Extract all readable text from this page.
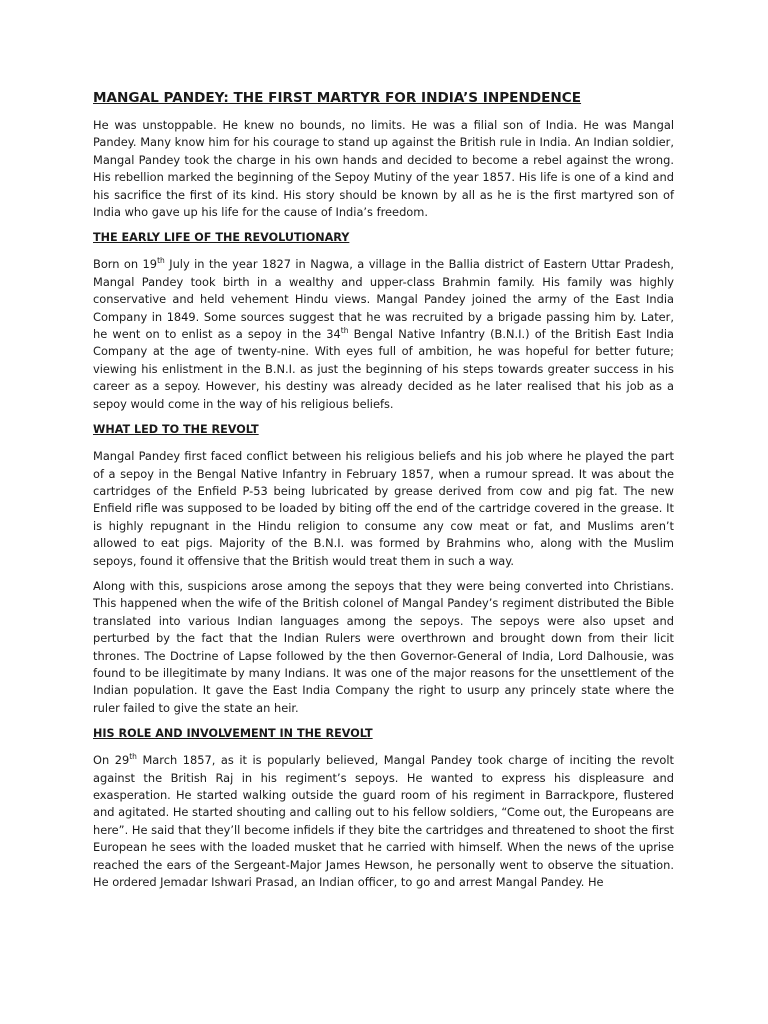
MANGAL PANDEY: THE FIRST MARTYR FOR INDIA’S INPENDENCE

He was unstoppable. He knew no bounds, no limits. He was a filial son of India. He was Mangal Pandey. Many know him for his courage to stand up against the British rule in India. An Indian soldier, Mangal Pandey took the charge in his own hands and decided to become a rebel against the wrong. His rebellion marked the beginning of the Sepoy Mutiny of the year 1857. His life is one of a kind and his sacrifice the first of its kind. His story should be known by all as he is the first martyred son of India who gave up his life for the cause of India’s freedom.

THE EARLY LIFE OF THE REVOLUTIONARY

Born on 19th July in the year 1827 in Nagwa, a village in the Ballia district of Eastern Uttar Pradesh, Mangal Pandey took birth in a wealthy and upper-class Brahmin family. His family was highly conservative and held vehement Hindu views. Mangal Pandey joined the army of the East India Company in 1849. Some sources suggest that he was recruited by a brigade passing him by. Later, he went on to enlist as a sepoy in the 34th Bengal Native Infantry (B.N.I.) of the British East India Company at the age of twenty-nine. With eyes full of ambition, he was hopeful for better future; viewing his enlistment in the B.N.I. as just the beginning of his steps towards greater success in his career as a sepoy. However, his destiny was already decided as he later realised that his job as a sepoy would come in the way of his religious beliefs.

WHAT LED TO THE REVOLT

Mangal Pandey first faced conflict between his religious beliefs and his job where he played the part of a sepoy in the Bengal Native Infantry in February 1857, when a rumour spread. It was about the cartridges of the Enfield P-53 being lubricated by grease derived from cow and pig fat. The new Enfield rifle was supposed to be loaded by biting off the end of the cartridge covered in the grease. It is highly repugnant in the Hindu religion to consume any cow meat or fat, and Muslims aren’t allowed to eat pigs. Majority of the B.N.I. was formed by Brahmins who, along with the Muslim sepoys, found it offensive that the British would treat them in such a way.

Along with this, suspicions arose among the sepoys that they were being converted into Christians. This happened when the wife of the British colonel of Mangal Pandey’s regiment distributed the Bible translated into various Indian languages among the sepoys. The sepoys were also upset and perturbed by the fact that the Indian Rulers were overthrown and brought down from their licit thrones. The Doctrine of Lapse followed by the then Governor-General of India, Lord Dalhousie, was found to be illegitimate by many Indians. It was one of the major reasons for the unsettlement of the Indian population. It gave the East India Company the right to usurp any princely state where the ruler failed to give the state an heir.

HIS ROLE AND INVOLVEMENT IN THE REVOLT

On 29th March 1857, as it is popularly believed, Mangal Pandey took charge of inciting the revolt against the British Raj in his regiment’s sepoys. He wanted to express his displeasure and exasperation. He started walking outside the guard room of his regiment in Barrackpore, flustered and agitated. He started shouting and calling out to his fellow soldiers, “Come out, the Europeans are here”. He said that they’ll become infidels if they bite the cartridges and threatened to shoot the first European he sees with the loaded musket that he carried with himself. When the news of the uprise reached the ears of the Sergeant-Major James Hewson, he personally went to observe the situation. He ordered Jemadar Ishwari Prasad, an Indian officer, to go and arrest Mangal Pandey. He
